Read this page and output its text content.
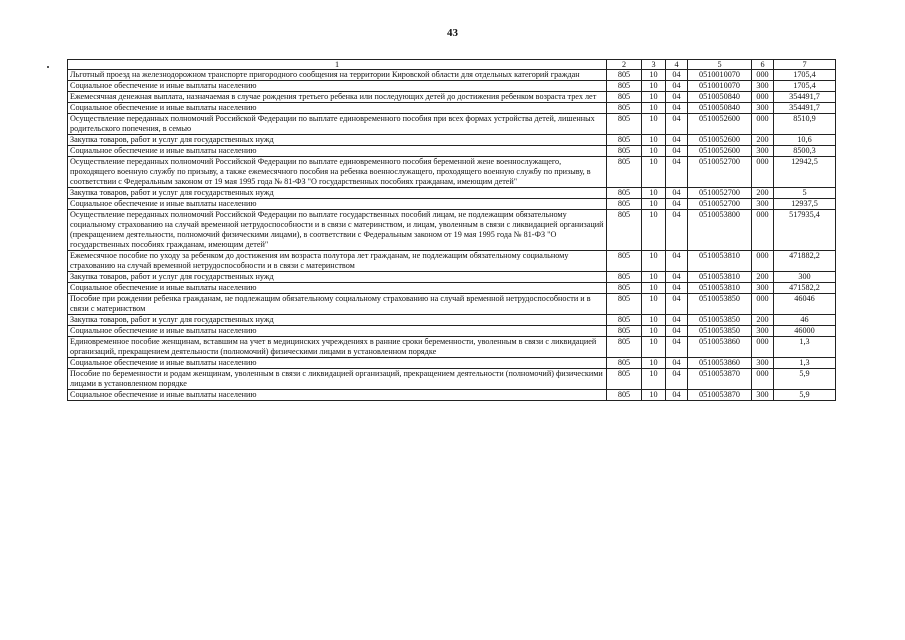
43
1	2	3	4	5	6	7
Льготный проезд на железнодорожном транспорте пригородного сообщения на территории Кировской области для отдельных категорий граждан	805	10	04	0510010070	000	1705,4
Социальное обеспечение и иные выплаты населению	805	10	04	0510010070	300	1705,4
Ежемесячная денежная выплата, назначаемая в случае рождения третьего ребенка или последующих детей до достижения ребенком возраста трех лет	805	10	04	0510050840	000	354491,7
Социальное обеспечение и иные выплаты населению	805	10	04	0510050840	300	354491,7
Осуществление переданных полномочий Российской Федерации по выплате единовременного пособия при всех формах устройства детей, лишенных родительского попечения, в семью	805	10	04	0510052600	000	8510,9
Закупка товаров, работ и услуг для государственных нужд	805	10	04	0510052600	200	10,6
Социальное обеспечение и иные выплаты населению	805	10	04	0510052600	300	8500,3
Осуществление переданных полномочий Российской Федерации по выплате единовременного пособия беременной жене военнослужащего, проходящего военную службу по призыву, а также ежемесячного пособия на ребенка военнослужащего, проходящего военную службу по призыву, в соответствии с Федеральным законом от 19 мая 1995 года № 81-ФЗ "О государственных пособиях гражданам, имеющим детей"	805	10	04	0510052700	000	12942,5
Закупка товаров, работ и услуг для государственных нужд	805	10	04	0510052700	200	5
Социальное обеспечение и иные выплаты населению	805	10	04	0510052700	300	12937,5
Осуществление переданных полномочий Российской Федерации по выплате государственных пособий лицам, не подлежащим обязательному социальному страхованию на случай временной нетрудоспособности и в связи с материнством, и лицам, уволенным в связи с ликвидацией организаций (прекращением деятельности, полномочий физическими лицами), в соответствии с Федеральным законом от 19 мая 1995 года № 81-ФЗ "О государственных пособиях гражданам, имеющим детей"	805	10	04	0510053800	000	517935,4
Ежемесячное пособие по уходу за ребенком до достижения им возраста полутора лет гражданам, не подлежащим обязательному социальному страхованию на случай временной нетрудоспособности и в связи с материнством	805	10	04	0510053810	000	471882,2
Закупка товаров, работ и услуг для государственных нужд	805	10	04	0510053810	200	300
Социальное обеспечение и иные выплаты населению	805	10	04	0510053810	300	471582,2
Пособие при рождении ребенка гражданам, не подлежащим обязательному социальному страхованию на случай временной нетрудоспособности и в связи с материнством	805	10	04	0510053850	000	46046
Закупка товаров, работ и услуг для государственных нужд	805	10	04	0510053850	200	46
Социальное обеспечение и иные выплаты населению	805	10	04	0510053850	300	46000
Единовременное пособие женщинам, вставшим на учет в медицинских учреждениях в ранние сроки беременности, уволенным в связи с ликвидацией организаций, прекращением деятельности (полномочий) физическими лицами в установленном порядке	805	10	04	0510053860	000	1,3
Социальное обеспечение и иные выплаты населению	805	10	04	0510053860	300	1,3
Пособие по беременности и родам женщинам, уволенным в связи с ликвидацией организаций, прекращением деятельности (полномочий) физическими лицами в установленном порядке	805	10	04	0510053870	000	5,9
Социальное обеспечение и иные выплаты населению	805	10	04	0510053870	300	5,9
